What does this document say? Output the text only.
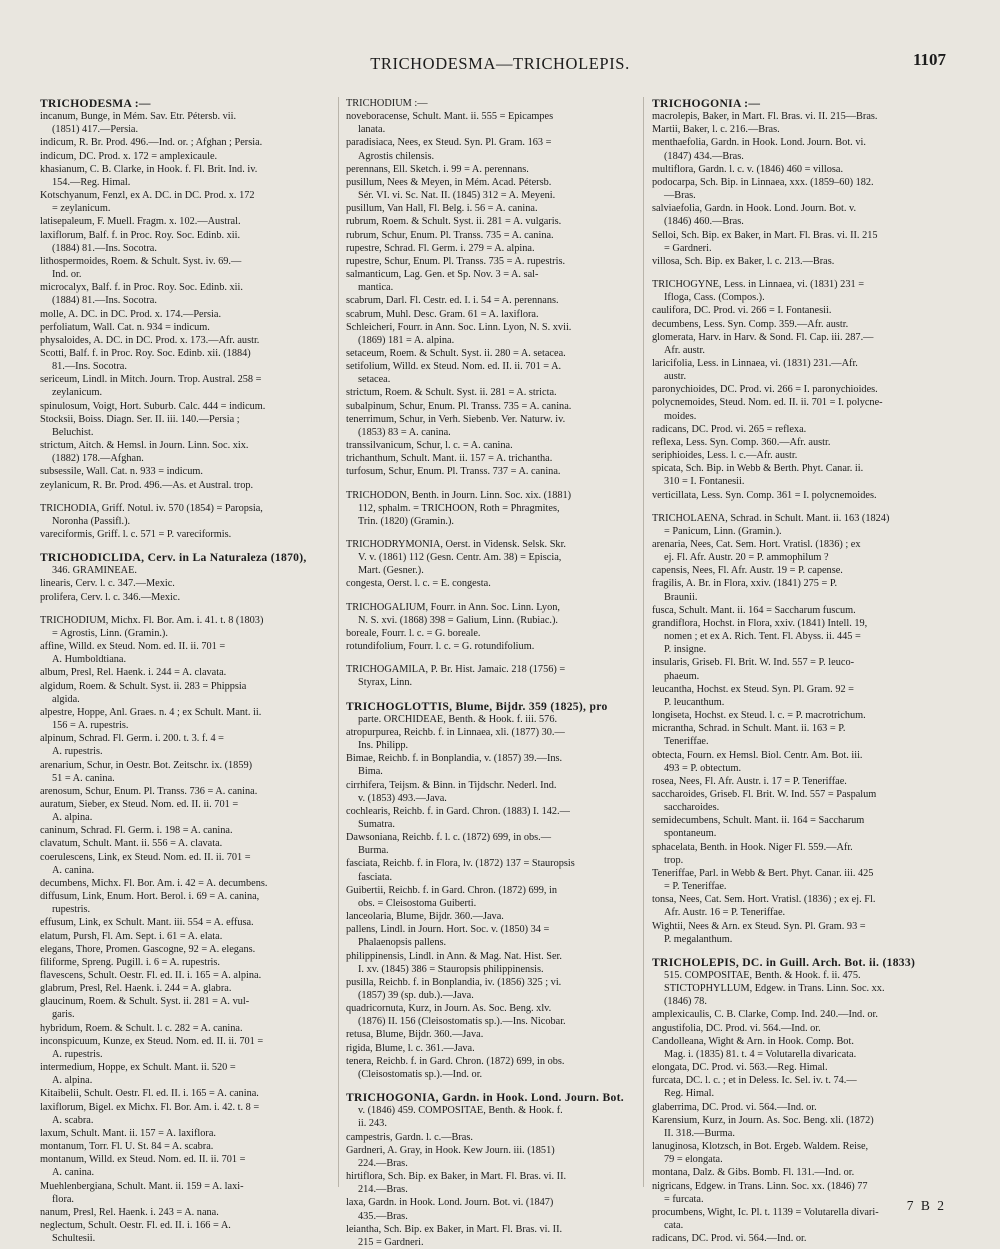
TRICHODESMA—TRICHOLEPIS.	1107
TRICHODESMA :—
incanum, Bunge, in Mém. Sav. Etr. Pétersb. vii.
(1851) 417.—Persia.
indicum, R. Br. Prod. 496.—Ind. or. ; Afghan ; Persia.
indicum, DC. Prod. x. 172 = amplexicaule.
khasianum, C. B. Clarke, in Hook. f. Fl. Brit. Ind. iv.
154.—Reg. Himal.
Kotschyanum, Fenzl, ex A. DC. in DC. Prod. x. 172
= zeylanicum.
latisepaleum, F. Muell. Fragm. x. 102.—Austral.
laxiflorum, Balf. f. in Proc. Roy. Soc. Edinb. xii.
(1884) 81.—Ins. Socotra.
lithospermoides, Roem. & Schult. Syst. iv. 69.—
Ind. or.
microcalyx, Balf. f. in Proc. Roy. Soc. Edinb. xii.
(1884) 81.—Ins. Socotra.
molle, A. DC. in DC. Prod. x. 174.—Persia.
perfoliatum, Wall. Cat. n. 934 = indicum.
physaloides, A. DC. in DC. Prod. x. 173.—Afr. austr.
Scotti, Balf. f. in Proc. Roy. Soc. Edinb. xii. (1884)
81.—Ins. Socotra.
sericeum, Lindl. in Mitch. Journ. Trop. Austral. 258 =
zeylanicum.
spinulosum, Voigt, Hort. Suburb. Calc. 444 = indicum.
Stocksii, Boiss. Diagn. Ser. II. iii. 140.—Persia ;
Beluchist.
strictum, Aitch. & Hemsl. in Journ. Linn. Soc. xix.
(1882) 178.—Afghan.
subsessile, Wall. Cat. n. 933 = indicum.
zeylanicum, R. Br. Prod. 496.—As. et Austral. trop.
TRICHODIA, Griff. Notul. iv. 570 (1854) = Paropsia,
Noronha (Passifl.).
vareciformis, Griff. l. c. 571 = P. vareciformis.
TRICHODICLIDA, Cerv. in La Naturaleza (1870),
346. GRAMINEAE.
linearis, Cerv. l. c. 347.—Mexic.
prolifera, Cerv. l. c. 346.—Mexic.
TRICHODIUM, Michx. Fl. Bor. Am. i. 41. t. 8 (1803)
= Agrostis, Linn. (Gramin.).
affine, Willd. ex Steud. Nom. ed. II. ii. 701 =
A. Humboldtiana.
album, Presl, Rel. Haenk. i. 244 = A. clavata.
algidum, Roem. & Schult. Syst. ii. 283 = Phippsia
algida.
alpestre, Hoppe, Anl. Graes. n. 4 ; ex Schult. Mant. ii.
156 = A. rupestris.
alpinum, Schrad. Fl. Germ. i. 200. t. 3. f. 4 =
A. rupestris.
arenarium, Schur, in Oestr. Bot. Zeitschr. ix. (1859)
51 = A. canina.
arenosum, Schur, Enum. Pl. Transs. 736 = A. canina.
auratum, Sieber, ex Steud. Nom. ed. II. ii. 701 =
A. alpina.
caninum, Schrad. Fl. Germ. i. 198 = A. canina.
clavatum, Schult. Mant. ii. 556 = A. clavata.
coerulescens, Link, ex Steud. Nom. ed. II. ii. 701 =
A. canina.
decumbens, Michx. Fl. Bor. Am. i. 42 = A. decumbens.
diffusum, Link, Enum. Hort. Berol. i. 69 = A. canina,
rupestris.
effusum, Link, ex Schult. Mant. iii. 554 = A. effusa.
elatum, Pursh, Fl. Am. Sept. i. 61 = A. elata.
elegans, Thore, Promen. Gascogne, 92 = A. elegans.
filiforme, Spreng. Pugill. i. 6 = A. rupestris.
flavescens, Schult. Oestr. Fl. ed. II. i. 165 = A. alpina.
glabrum, Presl, Rel. Haenk. i. 244 = A. glabra.
glaucinum, Roem. & Schult. Syst. ii. 281 = A. vul-
garis.
hybridum, Roem. & Schult. l. c. 282 = A. canina.
inconspicuum, Kunze, ex Steud. Nom. ed. II. ii. 701 =
A. rupestris.
intermedium, Hoppe, ex Schult. Mant. ii. 520 =
A. alpina.
Kitaibelii, Schult. Oestr. Fl. ed. II. i. 165 = A. canina.
laxiflorum, Bigel. ex Michx. Fl. Bor. Am. i. 42. t. 8 =
A. scabra.
laxum, Schult. Mant. ii. 157 = A. laxiflora.
montanum, Torr. Fl. U. St. 84 = A. scabra.
montanum, Willd. ex Steud. Nom. ed. II. ii. 701 =
A. canina.
Muehlenbergiana, Schult. Mant. ii. 159 = A. laxi-
flora.
nanum, Presl, Rel. Haenk. i. 243 = A. nana.
neglectum, Schult. Oestr. Fl. ed. II. i. 166 = A.
Schultesii.
TRICHODIUM :—
noveboracense, Schult. Mant. ii. 555 = Epicampes
lanata.
paradisiaca, Nees, ex Steud. Syn. Pl. Gram. 163 =
Agrostis chilensis.
perennans, Ell. Sketch. i. 99 = A. perennans.
pusillum, Nees & Meyen, in Mém. Acad. Pétersb.
Sér. VI. vi. Sc. Nat. II. (1845) 312 = A. Meyeni.
pusillum, Van Hall, Fl. Belg. i. 56 = A. canina.
rubrum, Roem. & Schult. Syst. ii. 281 = A. vulgaris.
rubrum, Schur, Enum. Pl. Transs. 735 = A. canina.
rupestre, Schrad. Fl. Germ. i. 279 = A. alpina.
rupestre, Schur, Enum. Pl. Transs. 735 = A. rupestris.
salmanticum, Lag. Gen. et Sp. Nov. 3 = A. sal-
mantica.
scabrum, Darl. Fl. Cestr. ed. I. i. 54 = A. perennans.
scabrum, Muhl. Desc. Gram. 61 = A. laxiflora.
Schleicheri, Fourr. in Ann. Soc. Linn. Lyon, N. S. xvii.
(1869) 181 = A. alpina.
setaceum, Roem. & Schult. Syst. ii. 280 = A. setacea.
setifolium, Willd. ex Steud. Nom. ed. II. ii. 701 = A.
setacea.
strictum, Roem. & Schult. Syst. ii. 281 = A. stricta.
subalpinum, Schur, Enum. Pl. Transs. 735 = A. canina.
tenerrimum, Schur, in Verh. Siebenb. Ver. Naturw. iv.
(1853) 83 = A. canina.
transsilvanicum, Schur, l. c. = A. canina.
trichanthum, Schult. Mant. ii. 157 = A. trichantha.
turfosum, Schur, Enum. Pl. Transs. 737 = A. canina.
TRICHODON, Benth. in Journ. Linn. Soc. xix. (1881)
112, sphalm. = TRICHOON, Roth = Phragmites,
Trin. (1820) (Gramin.).
TRICHODRYMONIA, Oerst. in Vidensk. Selsk. Skr.
V. v. (1861) 112 (Gesn. Centr. Am. 38) = Episcia,
Mart. (Gesner.).
congesta, Oerst. l. c. = E. congesta.
TRICHOGALIUM, Fourr. in Ann. Soc. Linn. Lyon,
N. S. xvi. (1868) 398 = Galium, Linn. (Rubiac.).
boreale, Fourr. l. c. = G. boreale.
rotundifolium, Fourr. l. c. = G. rotundifolium.
TRICHOGAMILA, P. Br. Hist. Jamaic. 218 (1756) =
Styrax, Linn.
TRICHOGLOTTIS, Blume, Bijdr. 359 (1825), pro
parte. ORCHIDEAE, Benth. & Hook. f. iii. 576.
atropurpurea, Reichb. f. in Linnaea, xli. (1877) 30.—
Ins. Philipp.
Bimae, Reichb. f. in Bonplandia, v. (1857) 39.—Ins.
Bima.
cirrhifera, Teijsm. & Binn. in Tijdschr. Nederl. Ind.
v. (1853) 493.—Java.
cochlearis, Reichb. f. in Gard. Chron. (1883) I. 142.—
Sumatra.
Dawsoniana, Reichb. f. l. c. (1872) 699, in obs.—
Burma.
fasciata, Reichb. f. in Flora, lv. (1872) 137 = Stauropsis
fasciata.
Guibertii, Reichb. f. in Gard. Chron. (1872) 699, in
obs. = Cleisostoma Guiberti.
lanceolaria, Blume, Bijdr. 360.—Java.
pallens, Lindl. in Journ. Hort. Soc. v. (1850) 34 =
Phalaenopsis pallens.
philippinensis, Lindl. in Ann. & Mag. Nat. Hist. Ser.
I. xv. (1845) 386 = Stauropsis philippinensis.
pusilla, Reichb. f. in Bonplandia, iv. (1856) 325 ; vi.
(1857) 39 (sp. dub.).—Java.
quadricornuta, Kurz, in Journ. As. Soc. Beng. xlv.
(1876) II. 156 (Cleisostomatis sp.).—Ins. Nicobar.
retusa, Blume, Bijdr. 360.—Java.
rigida, Blume, l. c. 361.—Java.
tenera, Reichb. f. in Gard. Chron. (1872) 699, in obs.
(Cleisostomatis sp.).—Ind. or.
TRICHOGONIA, Gardn. in Hook. Lond. Journ. Bot.
v. (1846) 459. COMPOSITAE, Benth. & Hook. f.
ii. 243.
campestris, Gardn. l. c.—Bras.
Gardneri, A. Gray, in Hook. Kew Journ. iii. (1851)
224.—Bras.
hirtiflora, Sch. Bip. ex Baker, in Mart. Fl. Bras. vi. II.
214.—Bras.
laxa, Gardn. in Hook. Lond. Journ. Bot. vi. (1847)
435.—Bras.
leiantha, Sch. Bip. ex Baker, in Mart. Fl. Bras. vi. II.
215 = Gardneri.
TRICHOGONIA :—
macrolepis, Baker, in Mart. Fl. Bras. vi. II. 215—Bras.
Martii, Baker, l. c. 216.—Bras.
menthaefolia, Gardn. in Hook. Lond. Journ. Bot. vi.
(1847) 434.—Bras.
multiflora, Gardn. l. c. v. (1846) 460 = villosa.
podocarpa, Sch. Bip. in Linnaea, xxx. (1859–60) 182.
—Bras.
salviaefolia, Gardn. in Hook. Lond. Journ. Bot. v.
(1846) 460.—Bras.
Selloi, Sch. Bip. ex Baker, in Mart. Fl. Bras. vi. II. 215
= Gardneri.
villosa, Sch. Bip. ex Baker, l. c. 213.—Bras.
TRICHOGYNE, Less. in Linnaea, vi. (1831) 231 =
Ifloga, Cass. (Compos.).
caulifora, DC. Prod. vi. 266 = I. Fontanesii.
decumbens, Less. Syn. Comp. 359.—Afr. austr.
glomerata, Harv. in Harv. & Sond. Fl. Cap. iii. 287.—
Afr. austr.
laricifolia, Less. in Linnaea, vi. (1831) 231.—Afr.
austr.
paronychioides, DC. Prod. vi. 266 = I. paronychioides.
polycnemoides, Steud. Nom. ed. II. ii. 701 = I. polycne-
moides.
radicans, DC. Prod. vi. 265 = reflexa.
reflexa, Less. Syn. Comp. 360.—Afr. austr.
seriphioides, Less. l. c.—Afr. austr.
spicata, Sch. Bip. in Webb & Berth. Phyt. Canar. ii.
310 = I. Fontanesii.
verticillata, Less. Syn. Comp. 361 = I. polycnemoides.
TRICHOLAENA, Schrad. in Schult. Mant. ii. 163 (1824)
= Panicum, Linn. (Gramin.).
arenaria, Nees, Cat. Sem. Hort. Vratisl. (1836) ; ex
ej. Fl. Afr. Austr. 20 = P. ammophilum ?
capensis, Nees, Fl. Afr. Austr. 19 = P. capense.
fragilis, A. Br. in Flora, xxiv. (1841) 275 = P.
Braunii.
fusca, Schult. Mant. ii. 164 = Saccharum fuscum.
grandiflora, Hochst. in Flora, xxiv. (1841) Intell. 19,
nomen ; et ex A. Rich. Tent. Fl. Abyss. ii. 445 =
P. insigne.
insularis, Griseb. Fl. Brit. W. Ind. 557 = P. leuco-
phaeum.
leucantha, Hochst. ex Steud. Syn. Pl. Gram. 92 =
P. leucanthum.
longiseta, Hochst. ex Steud. l. c. = P. macrotrichum.
micrantha, Schrad. in Schult. Mant. ii. 163 = P.
Teneriffae.
obtecta, Fourn. ex Hemsl. Biol. Centr. Am. Bot. iii.
493 = P. obtectum.
rosea, Nees, Fl. Afr. Austr. i. 17 = P. Teneriffae.
saccharoides, Griseb. Fl. Brit. W. Ind. 557 = Paspalum
saccharoides.
semidecumbens, Schult. Mant. ii. 164 = Saccharum
spontaneum.
sphacelata, Benth. in Hook. Niger Fl. 559.—Afr.
trop.
Teneriffae, Parl. in Webb & Bert. Phyt. Canar. iii. 425
= P. Teneriffae.
tonsa, Nees, Cat. Sem. Hort. Vratisl. (1836) ; ex ej. Fl.
Afr. Austr. 16 = P. Teneriffae.
Wightii, Nees & Arn. ex Steud. Syn. Pl. Gram. 93 =
P. megalanthum.
TRICHOLEPIS, DC. in Guill. Arch. Bot. ii. (1833)
515. COMPOSITAE, Benth. & Hook. f. ii. 475.
STICTOPHYLLUM, Edgew. in Trans. Linn. Soc. xx.
(1846) 78.
amplexicaulis, C. B. Clarke, Comp. Ind. 240.—Ind. or.
angustifolia, DC. Prod. vi. 564.—Ind. or.
Candolleana, Wight & Arn. in Hook. Comp. Bot.
Mag. i. (1835) 81. t. 4 = Volutarella divaricata.
elongata, DC. Prod. vi. 563.—Reg. Himal.
furcata, DC. l. c. ; et in Deless. Ic. Sel. iv. t. 74.—
Reg. Himal.
glaberrima, DC. Prod. vi. 564.—Ind. or.
Karensium, Kurz, in Journ. As. Soc. Beng. xli. (1872)
II. 318.—Burma.
lanuginosa, Klotzsch, in Bot. Ergeb. Waldem. Reise,
79 = elongata.
montana, Dalz. & Gibs. Bomb. Fl. 131.—Ind. or.
nigricans, Edgew. in Trans. Linn. Soc. xx. (1846) 77
= furcata.
procumbens, Wight, Ic. Pl. t. 1139 = Volutarella divari-
cata.
radicans, DC. Prod. vi. 564.—Ind. or.
7 B 2
